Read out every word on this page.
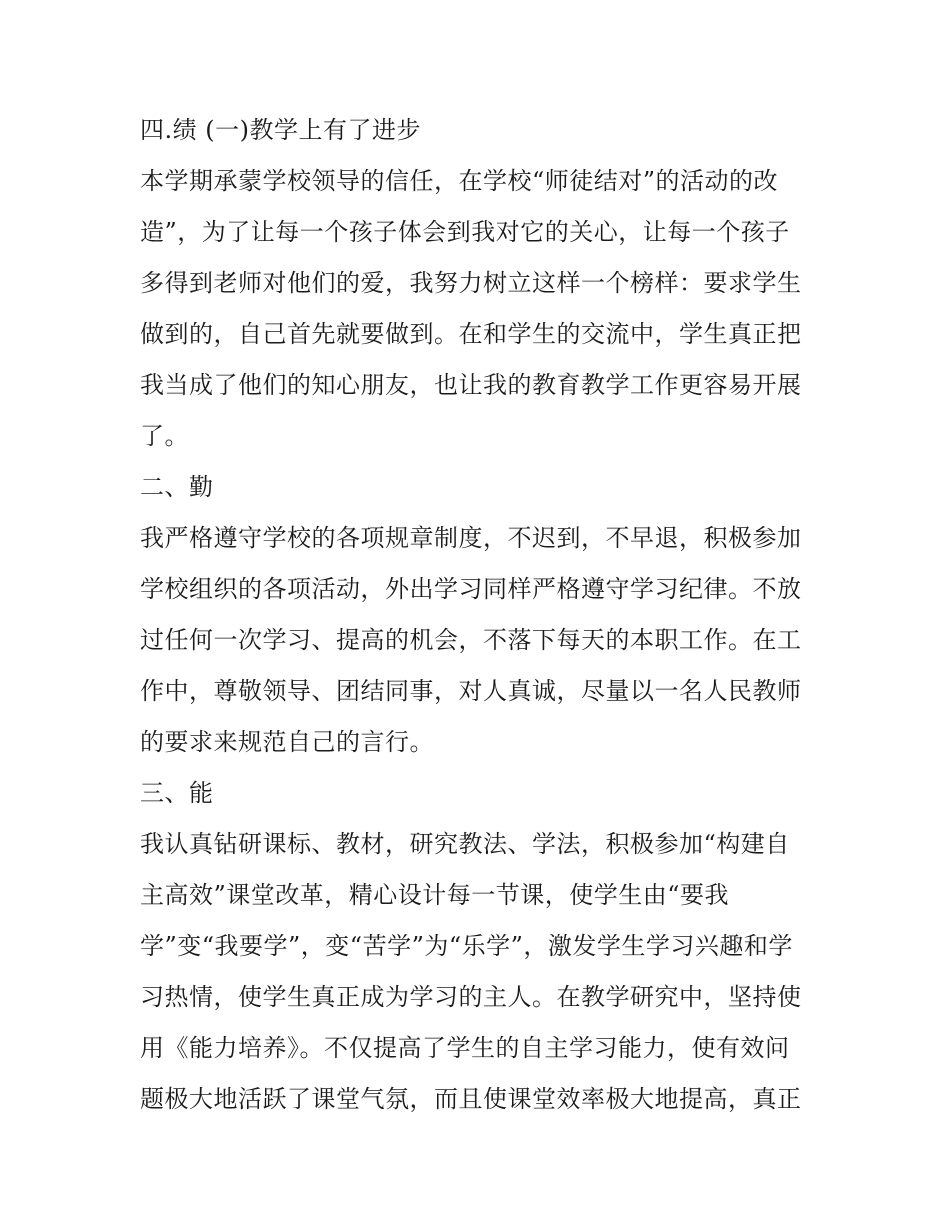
四.绩 (一)教学上有了进步
本学期承蒙学校领导的信任，在学校“师徒结对”的活动的改
造”，为了让每一个孩子体会到我对它的关心，让每一个孩子
多得到老师对他们的爱，我努力树立这样一个榜样：要求学生
做到的，自己首先就要做到。在和学生的交流中，学生真正把
我当成了他们的知心朋友，也让我的教育教学工作更容易开展
了。
二、勤
我严格遵守学校的各项规章制度，不迟到，不早退，积极参加
学校组织的各项活动，外出学习同样严格遵守学习纪律。不放
过任何一次学习、提高的机会，不落下每天的本职工作。在工
作中，尊敬领导、团结同事，对人真诚，尽量以一名人民教师
的要求来规范自己的言行。
三、能
我认真钻研课标、教材，研究教法、学法，积极参加“构建自
主高效”课堂改革，精心设计每一节课，使学生由“要我
学”变“我要学”，变“苦学”为“乐学”，激发学生学习兴趣和学
习热情，使学生真正成为学习的主人。在教学研究中，坚持使
用《能力培养》。不仅提高了学生的自主学习能力，使有效问
题极大地活跃了课堂气氛，而且使课堂效率极大地提高，真正
